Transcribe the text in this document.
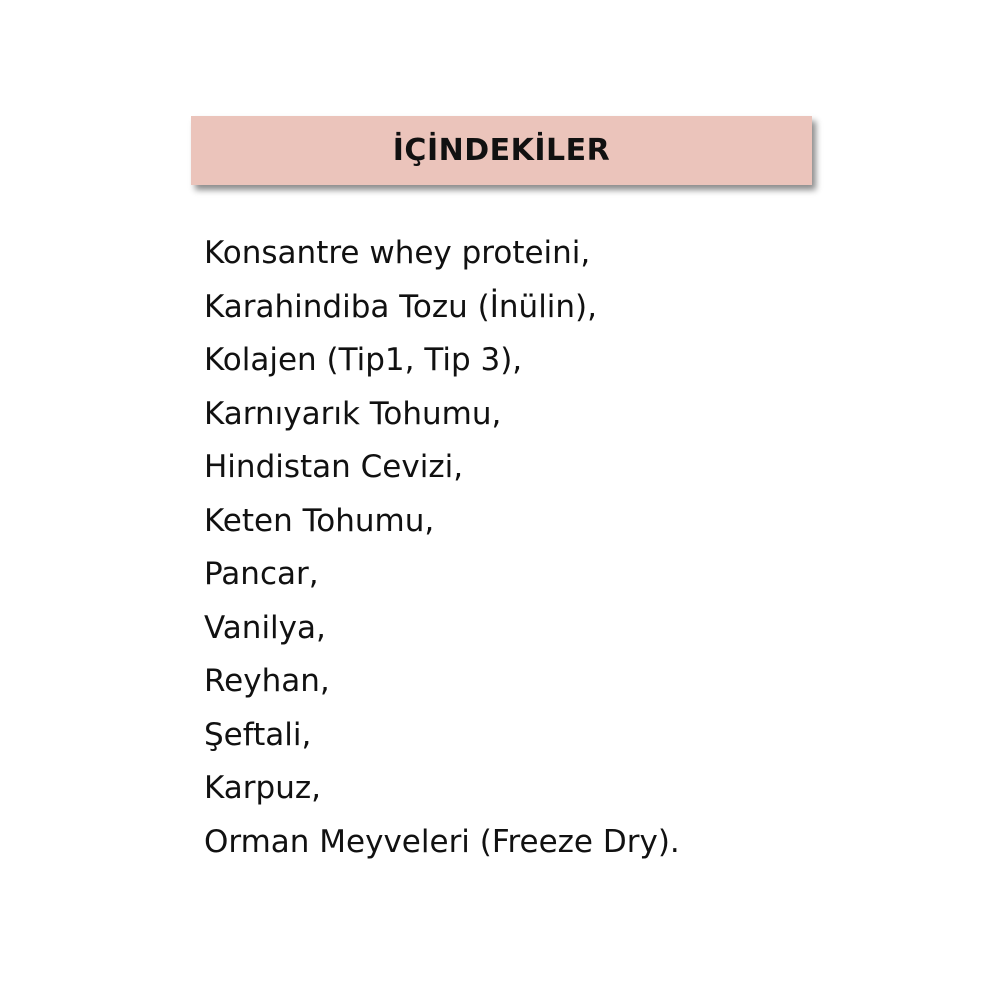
İÇİNDEKİLER
Konsantre whey proteini,
Karahindiba Tozu (İnülin),
Kolajen (Tip1, Tip 3),
Karnıyarık Tohumu,
Hindistan Cevizi,
Keten Tohumu,
Pancar,
Vanilya,
Reyhan,
Şeftali,
Karpuz,
Orman Meyveleri (Freeze Dry).
